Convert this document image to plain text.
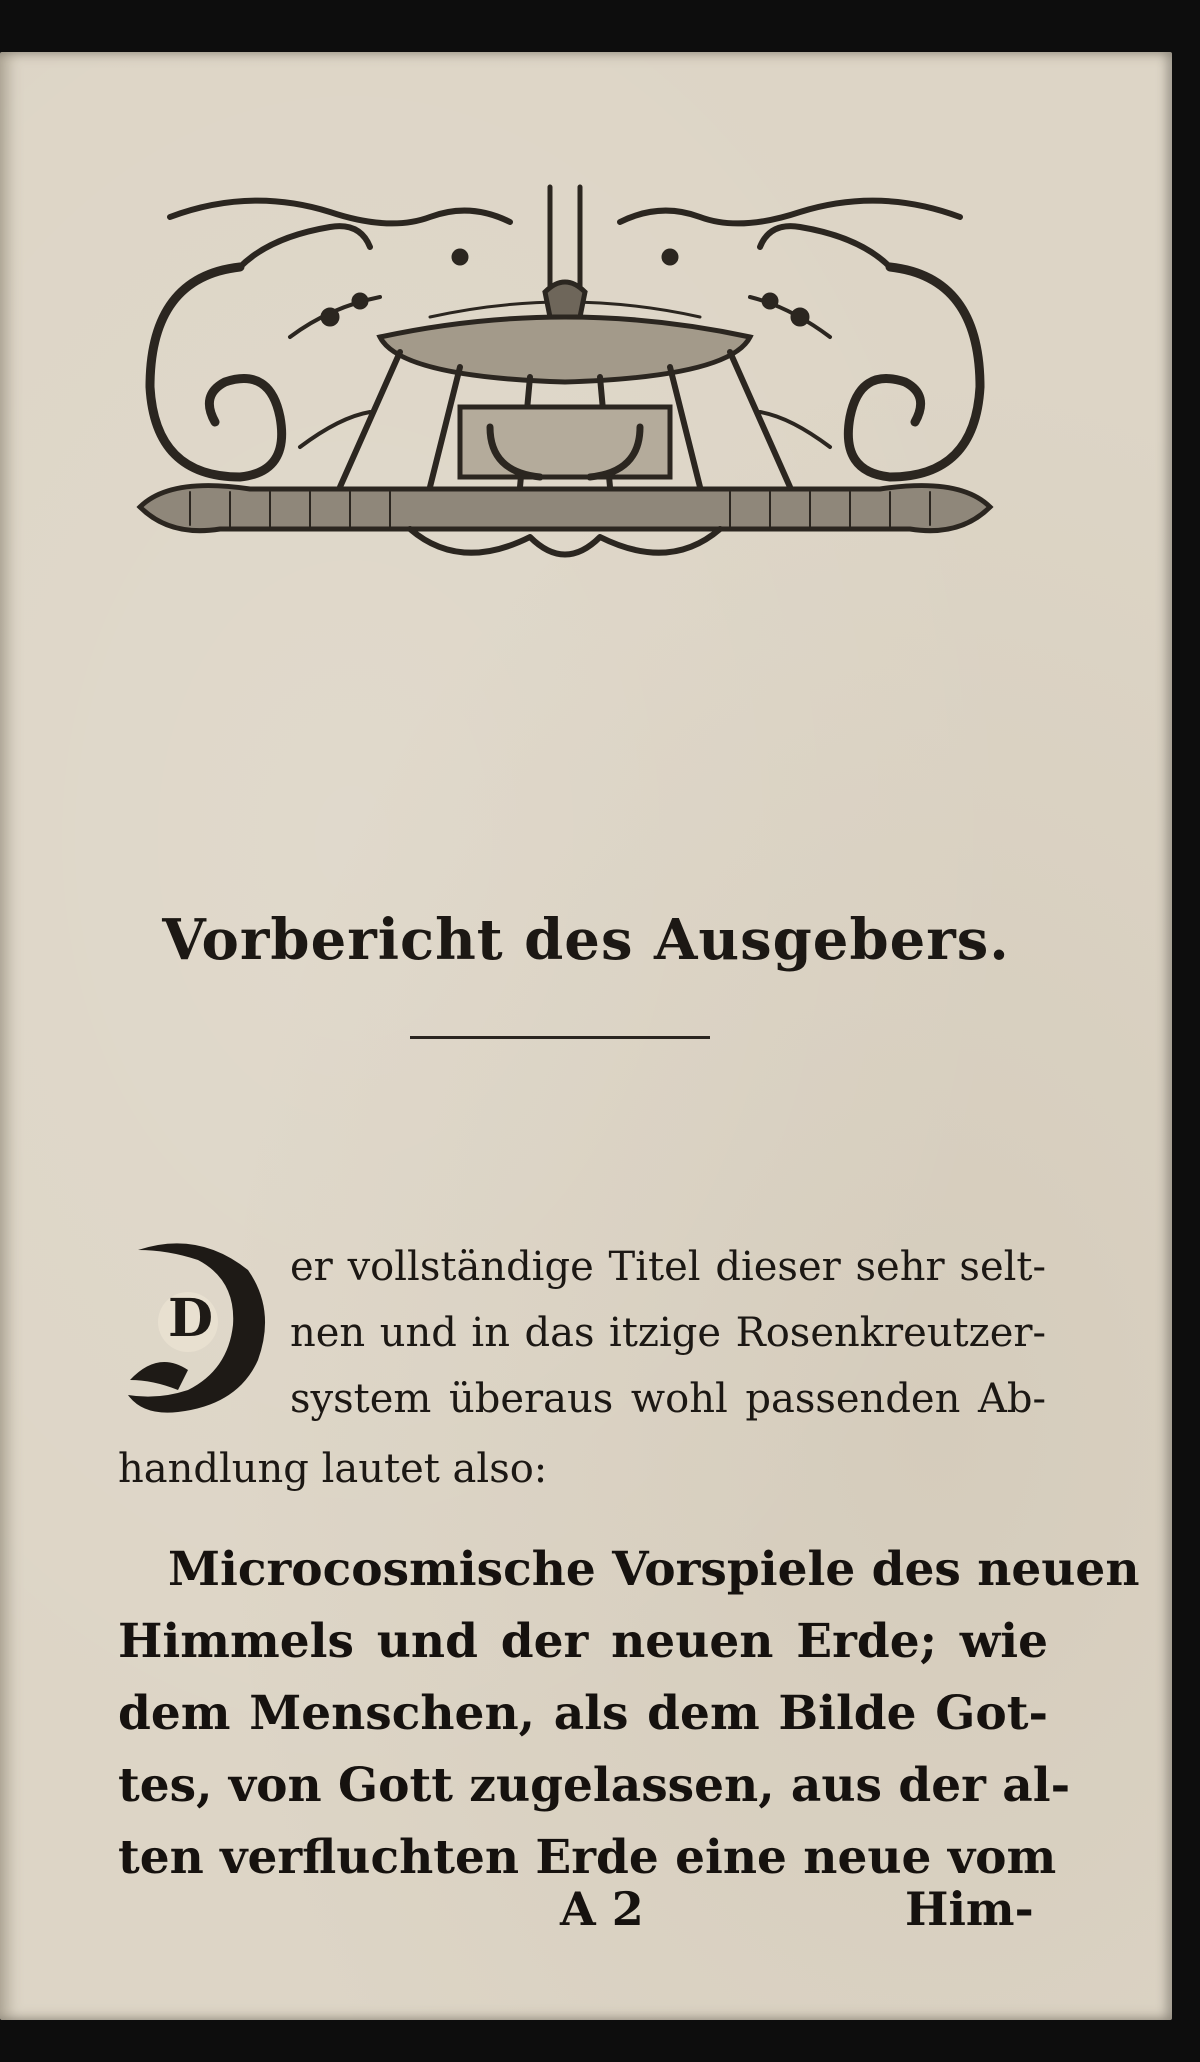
Vorbericht des Ausgebers.
D
er vollständige Titel dieser sehr selt-
nen und in das itzige Rosenkreutzer-
system überaus wohl passenden Ab-
handlung lautet also:
Microcosmische Vorspiele des neuen
Himmels und der neuen Erde; wie
dem Menschen, als dem Bilde Got-
tes, von Gott zugelassen, aus der al-
ten verfluchten Erde eine neue vom
A 2	Him-
